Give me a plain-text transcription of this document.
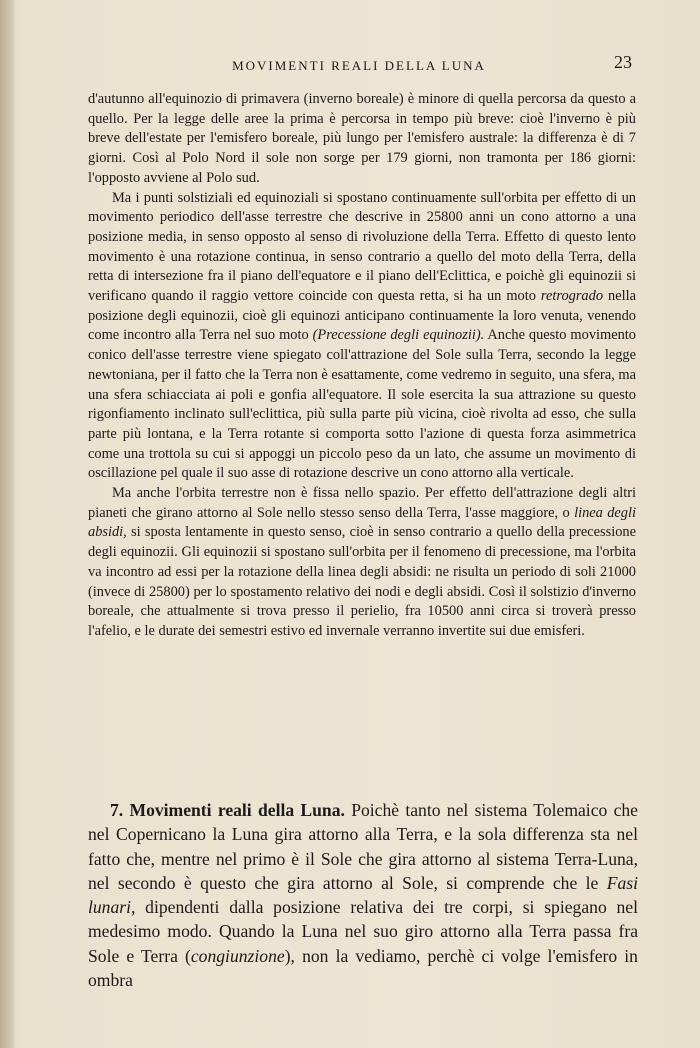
MOVIMENTI REALI DELLA LUNA	23

d'autunno all'equinozio di primavera (inverno boreale) è minore di quella percorsa da questo a quello. Per la legge delle aree la prima è percorsa in tempo più breve: cioè l'inverno è più breve dell'estate per l'emisfero boreale, più lungo per l'emisfero australe: la differenza è di 7 giorni. Così al Polo Nord il sole non sorge per 179 giorni, non tramonta per 186 giorni: l'opposto avviene al Polo sud.

Ma i punti solstiziali ed equinoziali si spostano continuamente sull'orbita per effetto di un movimento periodico dell'asse terrestre che descrive in 25800 anni un cono attorno a una posizione media, in senso opposto al senso di rivoluzione della Terra. Effetto di questo lento movimento è una rotazione continua, in senso contrario a quello del moto della Terra, della retta di intersezione fra il piano dell'equatore e il piano dell'Eclittica, e poichè gli equinozii si verificano quando il raggio vettore coincide con questa retta, si ha un moto retrogrado nella posizione degli equinozii, cioè gli equinozi anticipano continuamente la loro venuta, venendo come incontro alla Terra nel suo moto (Precessione degli equinozii). Anche questo movimento conico dell'asse terrestre viene spiegato coll'attrazione del Sole sulla Terra, secondo la legge newtoniana, per il fatto che la Terra non è esattamente, come vedremo in seguito, una sfera, ma una sfera schiacciata ai poli e gonfia all'equatore. Il sole esercita la sua attrazione su questo rigonfiamento inclinato sull'eclittica, più sulla parte più vicina, cioè rivolta ad esso, che sulla parte più lontana, e la Terra rotante si comporta sotto l'azione di questa forza asimmetrica come una trottola su cui si appoggi un piccolo peso da un lato, che assume un movimento di oscillazione pel quale il suo asse di rotazione descrive un cono attorno alla verticale.

Ma anche l'orbita terrestre non è fissa nello spazio. Per effetto dell'attrazione degli altri pianeti che girano attorno al Sole nello stesso senso della Terra, l'asse maggiore, o linea degli absidi, si sposta lentamente in questo senso, cioè in senso contrario a quello della precessione degli equinozii. Gli equinozii si spostano sull'orbita per il fenomeno di precessione, ma l'orbita va incontro ad essi per la rotazione della linea degli absidi: ne risulta un periodo di soli 21000 (invece di 25800) per lo spostamento relativo dei nodi e degli absidi. Così il solstizio d'inverno boreale, che attualmente si trova presso il perielio, fra 10500 anni circa si troverà presso l'afelio, e le durate dei semestri estivo ed invernale verranno invertite sui due emisferi.

7. Movimenti reali della Luna. Poichè tanto nel sistema Tolemaico che nel Copernicano la Luna gira attorno alla Terra, e la sola differenza sta nel fatto che, mentre nel primo è il Sole che gira attorno al sistema Terra-Luna, nel secondo è questo che gira attorno al Sole, si comprende che le Fasi lunari, dipendenti dalla posizione relativa dei tre corpi, si spiegano nel medesimo modo. Quando la Luna nel suo giro attorno alla Terra passa fra Sole e Terra (congiunzione), non la vediamo, perchè ci volge l'emisfero in ombra
